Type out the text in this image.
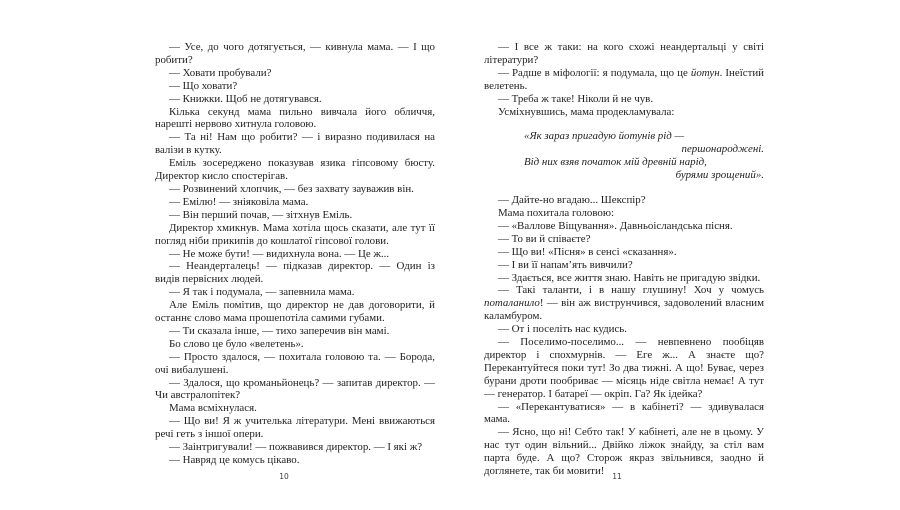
— Усе, до чого дотягується, — кивнула мама. — І що робити?

— Ховати пробували?

— Що ховати?

— Книжки. Щоб не дотягувався.

Кілька секунд мама пильно вивчала його обличчя, нарешті нервово хитнула головою.

— Та ні! Нам що робити? — і виразно подивилася на валізи в кутку.

Еміль зосереджено показував язика гіпсовому бюсту. Директор кисло спостерігав.

— Розвинений хлопчик, — без захвату зауважив він.

— Емілю! — зніяковіла мама.

— Він перший почав, — зітхнув Еміль.

Директор хмикнув. Мама хотіла щось сказати, але тут її погляд ніби прикипів до кошлатої гіпсової голови.

— Не може бути! — видихнула вона. — Це ж...

— Неандерталець! — підказав директор. — Один із видів первісних людей.

— Я так і подумала, — запевнила мама.

Але Еміль помітив, що директор не дав договорити, й останнє слово мама прошепотіла самими губами.

— Ти сказала інше, — тихо заперечив він мамі.

Бо слово це було «велетень».

— Просто здалося, — похитала головою та. — Борода, очі вибалушені.

— Здалося, що кроманьйонець? — запитав директор. — Чи австралопітек?

Мама всміхнулася.

— Що ви! Я ж учителька літератури. Мені ввижаються речі геть з іншої опери.

— Заінтригували! — пожвавився директор. — І які ж?

— Навряд це комусь цікаво.

— І все ж таки: на кого схожі неандертальці у світі літератури?

— Радше в міфології: я подумала, що це йотун. Інеїстий велетень.

— Треба ж таке! Ніколи й не чув.

Усміхнувшись, мама продекламувала:

«Як зараз пригадую йотунів рід —
першонароджені.
Від них взяв початок мій древній нарід,
бурями зрощений».

— Дайте-но вгадаю... Шекспір?

Мама похитала головою:

— «Валлове Віщування». Давньоісландська пісня.

— То ви й співаєте?

— Що ви! «Пісня» в сенсі «сказання».

— І ви її напам’ять вивчили?

— Здається, все життя знаю. Навіть не пригадую звідки.

— Такі таланти, і в нашу глушину! Хоч у чомусь поталанило! — він аж виструнчився, задоволений власним каламбуром.

— От і поселіть нас кудись.

— Поселимо-поселимо... — невпевнено пообіцяв директор і спохмурнів. — Еге ж... А знаєте що? Перекантуйтеся поки тут! Зо два тижні. А що! Буває, через бурани дроти пообриває — місяць ніде світла немає! А тут — генератор. І батареї — окріп. Га? Як ідейка?

— «Перекантуватися» — в кабінеті? — здивувалася мама.

— Ясно, що ні! Себто так! У кабінеті, але не в цьому. У нас тут один вільний... Двійко ліжок знайду, за стіл вам парта буде. А що? Сторож якраз звільнився, заодно й доглянете, так би мовити!

10	11
